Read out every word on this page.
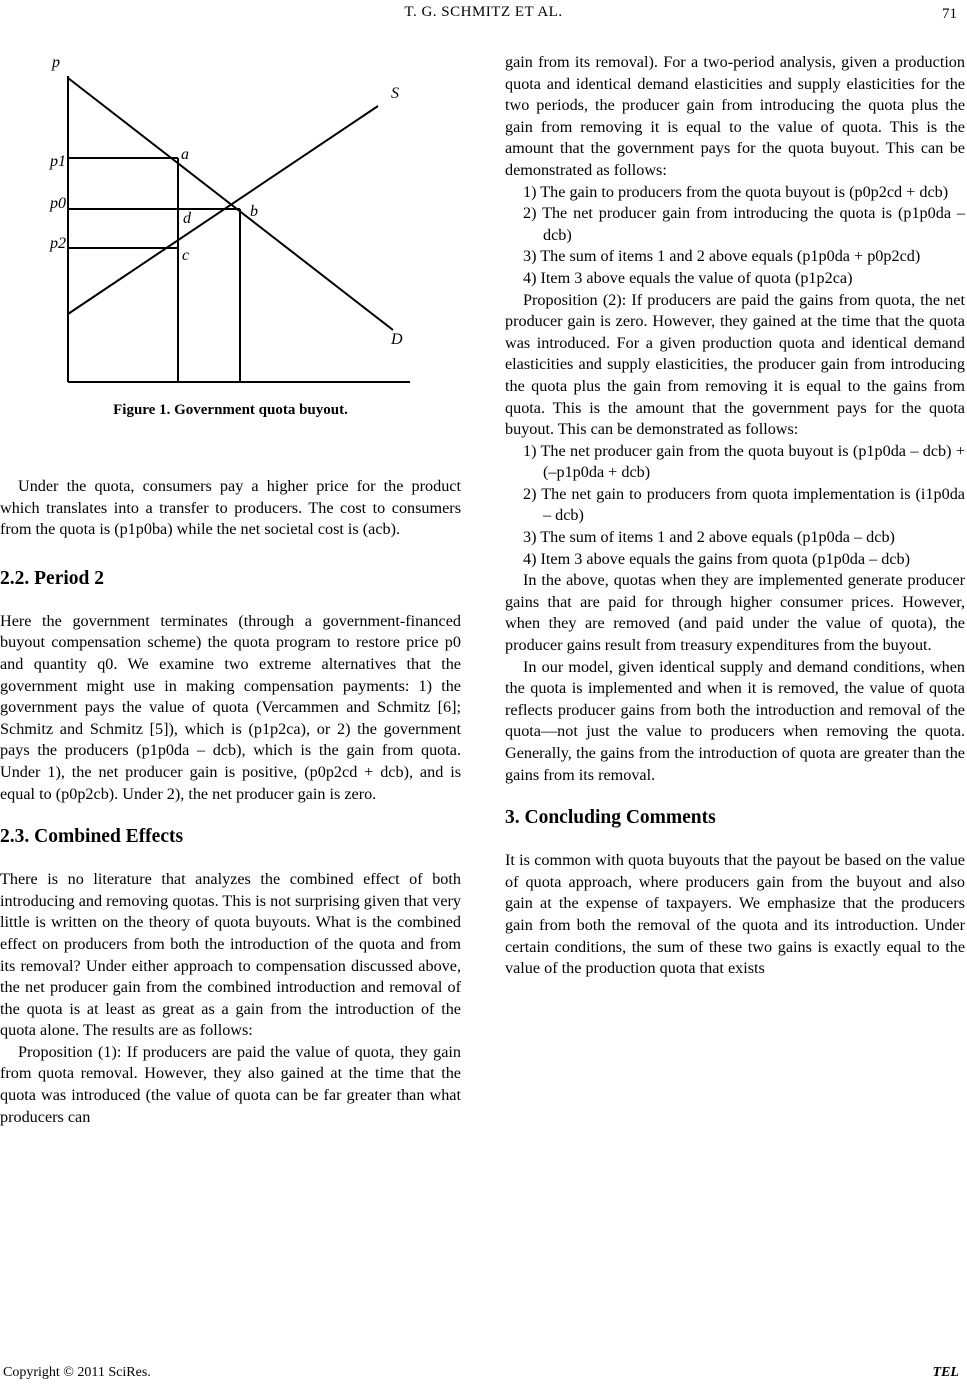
T. G. SCHMITZ ET AL.	71
p
S
p1
p0
p2
a
b
d
c
D
Figure 1. Government quota buyout.

Under the quota, consumers pay a higher price for the product which translates into a transfer to producers. The cost to consumers from the quota is (p1p0ba) while the net societal cost is (acb).

2.2. Period 2

Here the government terminates (through a government-financed buyout compensation scheme) the quota program to restore price p0 and quantity q0. We examine two extreme alternatives that the government might use in making compensation payments: 1) the government pays the value of quota (Vercammen and Schmitz [6]; Schmitz and Schmitz [5]), which is (p1p2ca), or 2) the government pays the producers (p1p0da – dcb), which is the gain from quota. Under 1), the net producer gain is positive, (p0p2cd + dcb), and is equal to (p0p2cb). Under 2), the net producer gain is zero.

2.3. Combined Effects

There is no literature that analyzes the combined effect of both introducing and removing quotas. This is not surprising given that very little is written on the theory of quota buyouts. What is the combined effect on producers from both the introduction of the quota and from its removal? Under either approach to compensation discussed above, the net producer gain from the combined introduction and removal of the quota is at least as great as a gain from the introduction of the quota alone. The results are as follows:

Proposition (1): If producers are paid the value of quota, they gain from quota removal. However, they also gained at the time that the quota was introduced (the value of quota can be far greater than what producers can

gain from its removal). For a two-period analysis, given a production quota and identical demand elasticities and supply elasticities for the two periods, the producer gain from introducing the quota plus the gain from removing it is equal to the value of quota. This is the amount that the government pays for the quota buyout. This can be demonstrated as follows:

1) The gain to producers from the quota buyout is (p0p2cd + dcb)

2) The net producer gain from introducing the quota is (p1p0da – dcb)

3) The sum of items 1 and 2 above equals (p1p0da + p0p2cd)

4) Item 3 above equals the value of quota (p1p2ca)

Proposition (2): If producers are paid the gains from quota, the net producer gain is zero. However, they gained at the time that the quota was introduced. For a given production quota and identical demand elasticities and supply elasticities, the producer gain from introducing the quota plus the gain from removing it is equal to the gains from quota. This is the amount that the government pays for the quota buyout. This can be demonstrated as follows:

1) The net producer gain from the quota buyout is (p1p0da – dcb) + (–p1p0da + dcb)

2) The net gain to producers from quota implementation is (i1p0da – dcb)

3) The sum of items 1 and 2 above equals (p1p0da – dcb)

4) Item 3 above equals the gains from quota (p1p0da – dcb)

In the above, quotas when they are implemented generate producer gains that are paid for through higher consumer prices. However, when they are removed (and paid under the value of quota), the producer gains result from treasury expenditures from the buyout.

In our model, given identical supply and demand conditions, when the quota is implemented and when it is removed, the value of quota reflects producer gains from both the introduction and removal of the quota—not just the value to producers when removing the quota. Generally, the gains from the introduction of quota are greater than the gains from its removal.

3. Concluding Comments

It is common with quota buyouts that the payout be based on the value of quota approach, where producers gain from the buyout and also gain at the expense of taxpayers. We emphasize that the producers gain from both the removal of the quota and its introduction. Under certain conditions, the sum of these two gains is exactly equal to the value of the production quota that exists

Copyright © 2011 SciRes.	TEL
